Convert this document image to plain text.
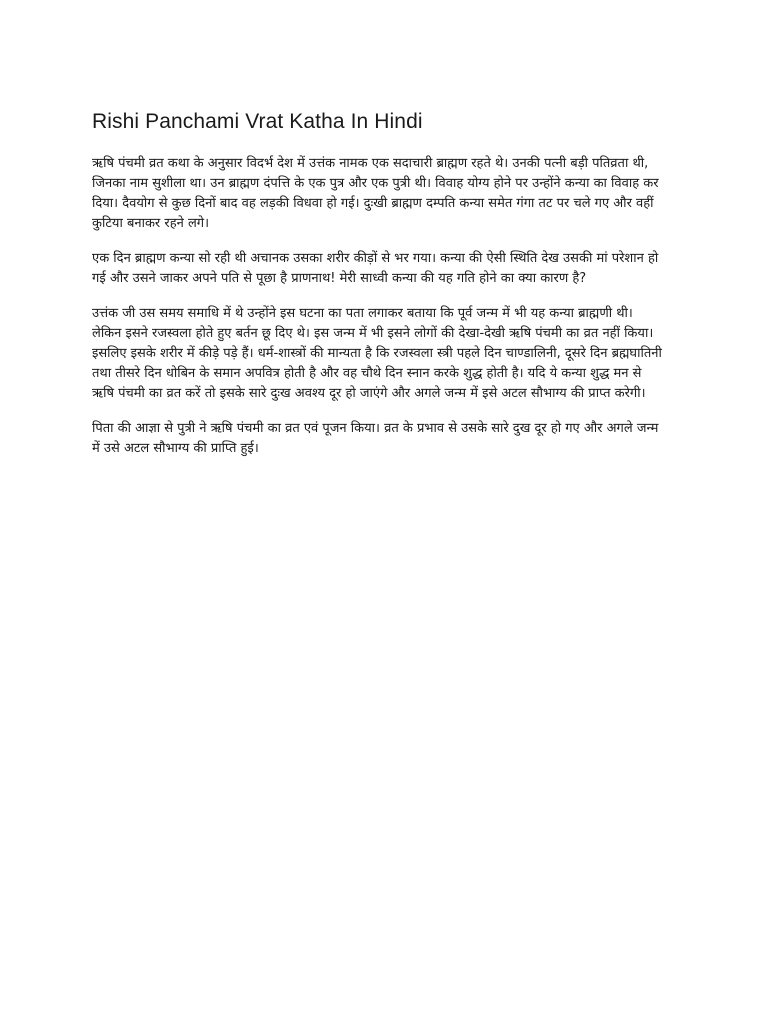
Rishi Panchami Vrat Katha In Hindi

ऋषि पंचमी व्रत कथा के अनुसार विदर्भ देश में उत्तंक नामक एक सदाचारी ब्राह्मण रहते थे। उनकी पत्नी बड़ी पतिव्रता थी, जिनका नाम सुशीला था। उन ब्राह्मण दंपत्ति के एक पुत्र और एक पुत्री थी। विवाह योग्य होने पर उन्होंने कन्या का विवाह कर दिया। दैवयोग से कुछ दिनों बाद वह लड़की विधवा हो गई। दुःखी ब्राह्मण दम्पति कन्या समेत गंगा तट पर चले गए और वहीं कुटिया बनाकर रहने लगे।

एक दिन ब्राह्मण कन्या सो रही थी अचानक उसका शरीर कीड़ों से भर गया। कन्या की ऐसी स्थिति देख उसकी मां परेशान हो गई और उसने जाकर अपने पति से पूछा है प्राणनाथ! मेरी साध्वी कन्या की यह गति होने का क्या कारण है?

उत्तंक जी उस समय समाधि में थे उन्होंने इस घटना का पता लगाकर बताया कि पूर्व जन्म में भी यह कन्या ब्राह्मणी थी। लेकिन इसने रजस्वला होते हुए बर्तन छू दिए थे। इस जन्म में भी इसने लोगों की देखा-देखी ऋषि पंचमी का व्रत नहीं किया। इसलिए इसके शरीर में कीड़े पड़े हैं। धर्म-शास्त्रों की मान्यता है कि रजस्वला स्त्री पहले दिन चाण्डालिनी, दूसरे दिन ब्रह्मघातिनी तथा तीसरे दिन धोबिन के समान अपवित्र होती है और वह चौथे दिन स्नान करके शुद्ध होती है। यदि ये कन्या शुद्ध मन से ऋषि पंचमी का व्रत करें तो इसके सारे दुःख अवश्य दूर हो जाएंगे और अगले जन्म में इसे अटल सौभाग्य की प्राप्त करेगी।

पिता की आज्ञा से पुत्री ने ऋषि पंचमी का व्रत एवं पूजन किया। व्रत के प्रभाव से उसके सारे दुख दूर हो गए और अगले जन्म में उसे अटल सौभाग्य की प्राप्ति हुई।
